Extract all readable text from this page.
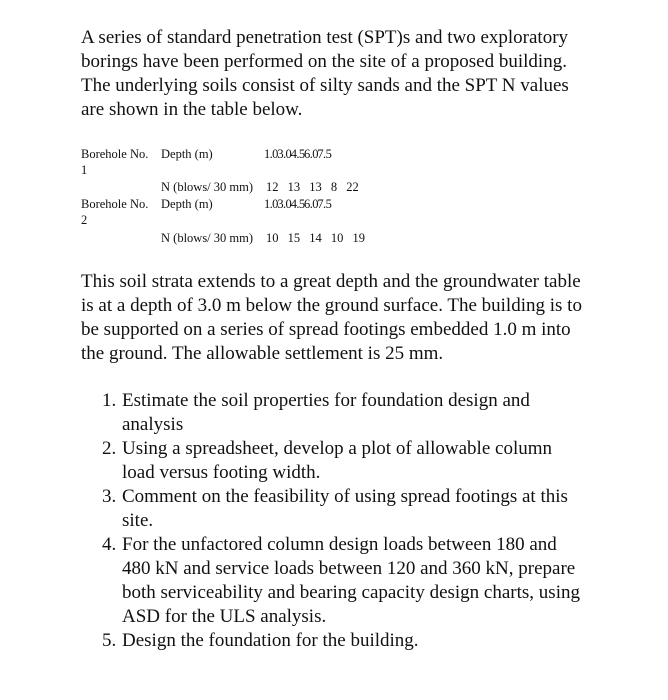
A series of standard penetration test (SPT)s and two exploratory borings have been performed on the site of a proposed building. The underlying soils consist of silty sands and the SPT N values are shown in the table below.

Borehole No. Depth (m)	1.0 3.0 4.5 6.0 7.5
1
N (blows/ 30 mm) 12 13 13 8 22
Borehole No. Depth (m)	1.0 3.0 4.5 6.0 7.5
2
N (blows/ 30 mm) 10 15 14 10 19

This soil strata extends to a great depth and the groundwater table is at a depth of 3.0 m below the ground surface. The building is to be supported on a series of spread footings embedded 1.0 m into the ground. The allowable settlement is 25 mm.

1. Estimate the soil properties for foundation design and analysis
2. Using a spreadsheet, develop a plot of allowable column load versus footing width.
3. Comment on the feasibility of using spread footings at this site.
4. For the unfactored column design loads between 180 and 480 kN and service loads between 120 and 360 kN, prepare both serviceability and bearing capacity design charts, using ASD for the ULS analysis.
5. Design the foundation for the building.
